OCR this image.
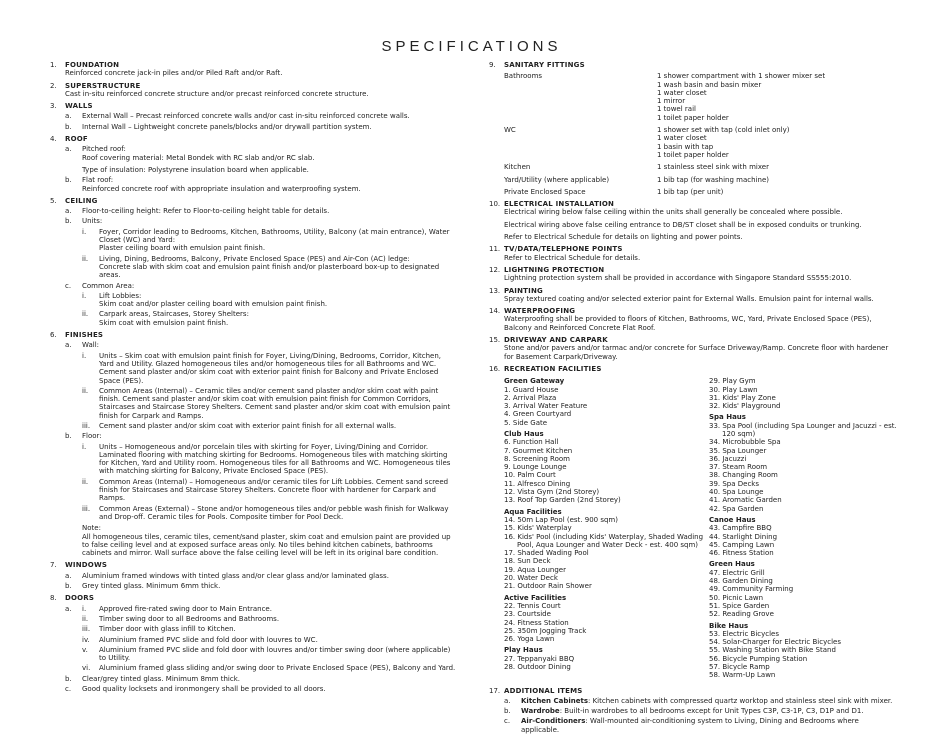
SPECIFICATIONS
1. FOUNDATION
Reinforced concrete jack-in piles and/or Piled Raft and/or Raft.
2. SUPERSTRUCTURE
Cast in-situ reinforced concrete structure and/or precast reinforced concrete structure.
3. WALLS
a. External Wall – Precast reinforced concrete walls and/or cast in-situ reinforced concrete walls.
b. Internal Wall – Lightweight concrete panels/blocks and/or drywall partition system.
4. ROOF
a. Pitched roof:
Roof covering material: Metal Bondek with RC slab and/or RC slab.
Type of insulation: Polystyrene insulation board when applicable.
b. Flat roof:
Reinforced concrete roof with appropriate insulation and waterproofing system.
5. CEILING
a. Floor-to-ceiling height: Refer to Floor-to-ceiling height table for details.
b. Units:
i. Foyer, Corridor leading to Bedrooms, Kitchen, Bathrooms, Utility, Balcony (at main entrance), Water Closet (WC) and Yard:
Plaster ceiling board with emulsion paint finish.
ii. Living, Dining, Bedrooms, Balcony, Private Enclosed Space (PES) and Air-Con (AC) ledge:
Concrete slab with skim coat and emulsion paint finish and/or plasterboard box-up to designated areas.
c. Common Area:
i. Lift Lobbies:
Skim coat and/or plaster ceiling board with emulsion paint finish.
ii. Carpark areas, Staircases, Storey Shelters:
Skim coat with emulsion paint finish.
6. FINISHES
a. Wall:
i. Units – Skim coat with emulsion paint finish for Foyer, Living/Dining, Bedrooms, Corridor, Kitchen, Yard and Utility. Glazed homogeneous tiles and/or homogeneous tiles for all Bathrooms and WC. Cement sand plaster and/or skim coat with exterior paint finish for Balcony and Private Enclosed Space (PES).
ii. Common Areas (Internal) – Ceramic tiles and/or cement sand plaster and/or skim coat with paint finish. Cement sand plaster and/or skim coat with emulsion paint finish for Common Corridors, Staircases and Staircase Storey Shelters. Cement sand plaster and/or skim coat with emulsion paint finish for Carpark and Ramps.
iii. Cement sand plaster and/or skim coat with exterior paint finish for all external walls.
b. Floor:
i. Units – Homogeneous and/or porcelain tiles with skirting for Foyer, Living/Dining and Corridor. Laminated flooring with matching skirting for Bedrooms. Homogeneous tiles with matching skirting for Kitchen, Yard and Utility room. Homogeneous tiles for all Bathrooms and WC. Homogeneous tiles with matching skirting for Balcony, Private Enclosed Space (PES).
ii. Common Areas (Internal) – Homogeneous and/or ceramic tiles for Lift Lobbies. Cement sand screed finish for Staircases and Staircase Storey Shelters. Concrete floor with hardener for Carpark and Ramps.
iii. Common Areas (External) – Stone and/or homogeneous tiles and/or pebble wash finish for Walkway and Drop-off. Ceramic tiles for Pools. Composite timber for Pool Deck.
Note:
All homogeneous tiles, ceramic tiles, cement/sand plaster, skim coat and emulsion paint are provided up to false ceiling level and at exposed surface areas only. No tiles behind kitchen cabinets, bathrooms cabinets and mirror. Wall surface above the false ceiling level will be left in its original bare condition.
7. WINDOWS
a. Aluminium framed windows with tinted glass and/or clear glass and/or laminated glass.
b. Grey tinted glass. Minimum 6mm thick.
8. DOORS
a. i. Approved fire-rated swing door to Main Entrance.
ii. Timber swing door to all Bedrooms and Bathrooms.
iii. Timber door with glass infill to Kitchen.
iv. Aluminium framed PVC slide and fold door with louvres to WC.
v. Aluminium framed PVC slide and fold door with louvres and/or timber swing door (where applicable) to Utility.
vi. Aluminium framed glass sliding and/or swing door to Private Enclosed Space (PES), Balcony and Yard.
b. Clear/grey tinted glass. Minimum 8mm thick.
c. Good quality locksets and ironmongery shall be provided to all doors.
9. SANITARY FITTINGS
Bathrooms	1 shower compartment with 1 shower mixer set
1 wash basin and basin mixer
1 water closet
1 mirror
1 towel rail
1 toilet paper holder
WC	1 shower set with tap (cold inlet only)
1 water closet
1 basin with tap
1 toilet paper holder
Kitchen	1 stainless steel sink with mixer
Yard/Utility (where applicable)	1 bib tap (for washing machine)
Private Enclosed Space	1 bib tap (per unit)
10. ELECTRICAL INSTALLATION
Electrical wiring below false ceiling within the units shall generally be concealed where possible.
Electrical wiring above false ceiling entrance to DB/ST closet shall be in exposed conduits or trunking.
Refer to Electrical Schedule for details on lighting and power points.
11. TV/DATA/TELEPHONE POINTS
Refer to Electrical Schedule for details.
12. LIGHTNING PROTECTION
Lightning protection system shall be provided in accordance with Singapore Standard SS555:2010.
13. PAINTING
Spray textured coating and/or selected exterior paint for External Walls. Emulsion paint for internal walls.
14. WATERPROOFING
Waterproofing shall be provided to floors of Kitchen, Bathrooms, WC, Yard, Private Enclosed Space (PES), Balcony and Reinforced Concrete Flat Roof.
15. DRIVEWAY AND CARPARK
Stone and/or pavers and/or tarmac and/or concrete for Surface Driveway/Ramp. Concrete floor with hardener for Basement Carpark/Driveway.
16. RECREATION FACILITIES
Green Gateway
1. Guard House
2. Arrival Plaza
3. Arrival Water Feature
4. Green Courtyard
5. Side Gate
Club Haus
6. Function Hall
7. Gourmet Kitchen
8. Screening Room
9. Lounge Lounge
10. Palm Court
11. Alfresco Dining
12. Vista Gym (2nd Storey)
13. Roof Top Garden (2nd Storey)
Aqua Facilities
14. 50m Lap Pool (est. 900 sqm)
15. Kids' Waterplay
16. Kids' Pool (including Kids' Waterplay, Shaded Wading Pool, Aqua Lounger and Water Deck - est. 400 sqm)
17. Shaded Wading Pool
18. Sun Deck
19. Aqua Lounger
20. Water Deck
21. Outdoor Rain Shower
Active Facilities
22. Tennis Court
23. Courtside
24. Fitness Station
25. 350m Jogging Track
26. Yoga Lawn
Play Haus
27. Teppanyaki BBQ
28. Outdoor Dining
29. Play Gym
30. Play Lawn
31. Kids' Play Zone
32. Kids' Playground
Spa Haus
33. Spa Pool (including Spa Lounger and Jacuzzi - est. 120 sqm)
34. Microbubble Spa
35. Spa Lounger
36. Jacuzzi
37. Steam Room
38. Changing Room
39. Spa Decks
40. Spa Lounge
41. Aromatic Garden
42. Spa Garden
Canoe Haus
43. Campfire BBQ
44. Starlight Dining
45. Camping Lawn
46. Fitness Station
Green Haus
47. Electric Grill
48. Garden Dining
49. Community Farming
50. Picnic Lawn
51. Spice Garden
52. Reading Grove
Bike Haus
53. Electric Bicycles
54. Solar-Charger for Electric Bicycles
55. Washing Station with Bike Stand
56. Bicycle Pumping Station
57. Bicycle Ramp
58. Warm-Up Lawn
17. ADDITIONAL ITEMS
a. Kitchen Cabinets: Kitchen cabinets with compressed quartz worktop and stainless steel sink with mixer.
b. Wardrobe: Built-in wardrobes to all bedrooms except for Unit Types C3P, C3-1P, C3, D1P and D1.
c. Air-Conditioners: Wall-mounted air-conditioning system to Living, Dining and Bedrooms where applicable.
